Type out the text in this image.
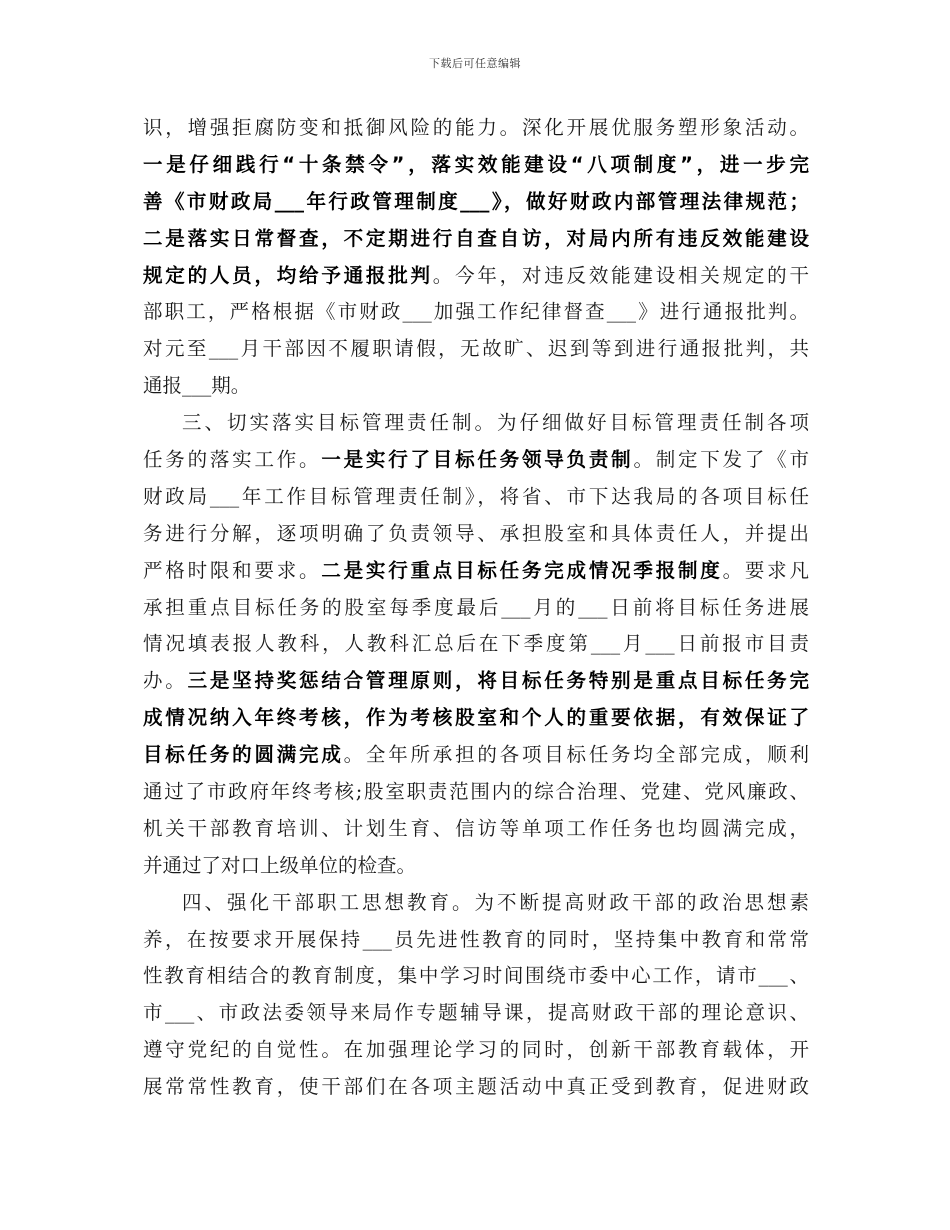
下载后可任意编辑
识，增强拒腐防变和抵御风险的能力。深化开展优服务塑形象活动。
一是仔细践行“十条禁令”，落实效能建设“八项制度”，进一步完
善《市财政局___年行政管理制度___》，做好财政内部管理法律规范；
二是落实日常督查，不定期进行自查自访，对局内所有违反效能建设
规定的人员，均给予通报批判。今年，对违反效能建设相关规定的干
部职工，严格根据《市财政___加强工作纪律督查___》进行通报批判。
对元至___月干部因不履职请假，无故旷、迟到等到进行通报批判，共
通报___期。
三、切实落实目标管理责任制。为仔细做好目标管理责任制各项
任务的落实工作。一是实行了目标任务领导负责制。制定下发了《市
财政局___年工作目标管理责任制》，将省、市下达我局的各项目标任
务进行分解，逐项明确了负责领导、承担股室和具体责任人，并提出
严格时限和要求。二是实行重点目标任务完成情况季报制度。要求凡
承担重点目标任务的股室每季度最后___月的___日前将目标任务进展
情况填表报人教科，人教科汇总后在下季度第___月___日前报市目责
办。三是坚持奖惩结合管理原则，将目标任务特别是重点目标任务完
成情况纳入年终考核，作为考核股室和个人的重要依据，有效保证了
目标任务的圆满完成。全年所承担的各项目标任务均全部完成，顺利
通过了市政府年终考核;股室职责范围内的综合治理、党建、党风廉政、
机关干部教育培训、计划生育、信访等单项工作任务也均圆满完成，
并通过了对口上级单位的检查。
四、强化干部职工思想教育。为不断提高财政干部的政治思想素
养，在按要求开展保持___员先进性教育的同时，坚持集中教育和常常
性教育相结合的教育制度，集中学习时间围绕市委中心工作，请市___、
市___、市政法委领导来局作专题辅导课，提高财政干部的理论意识、
遵守党纪的自觉性。在加强理论学习的同时，创新干部教育载体，开
展常常性教育，使干部们在各项主题活动中真正受到教育，促进财政
